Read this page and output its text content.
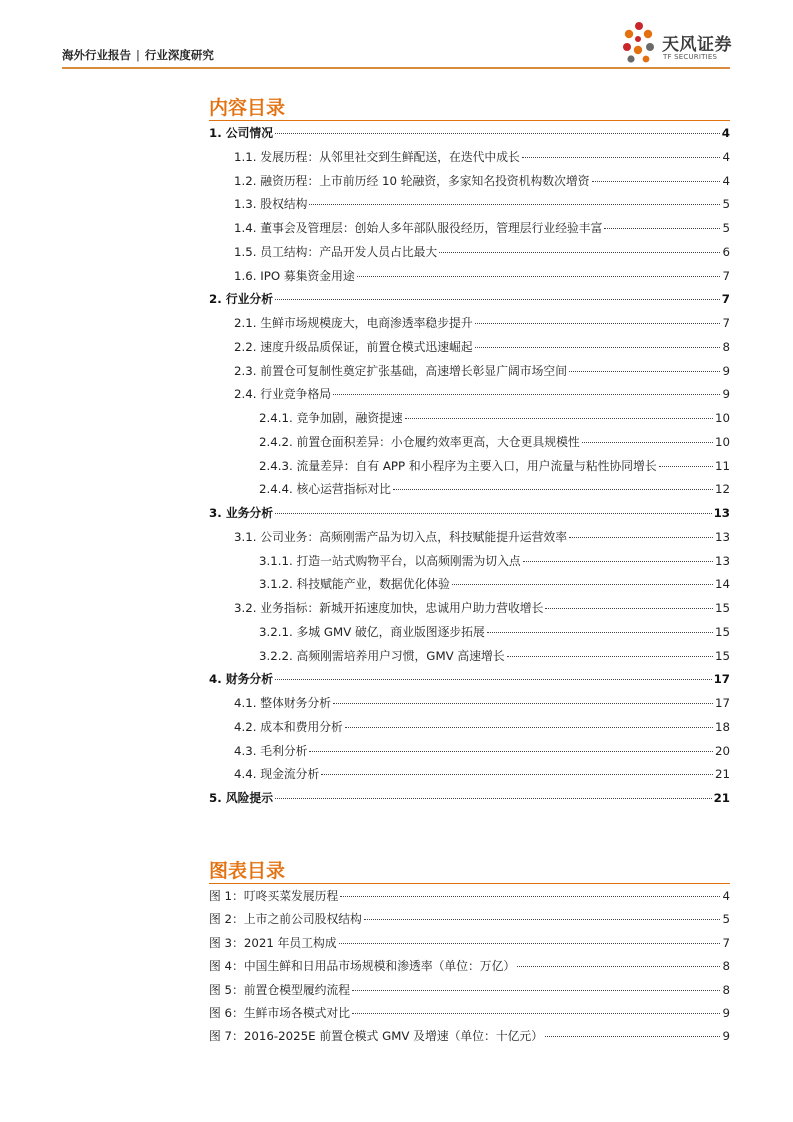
海外行业报告 | 行业深度研究	天风证券
TF SECURITIES
内容目录
1. 公司情况	4
1.1. 发展历程：从邻里社交到生鲜配送，在迭代中成长	4
1.2. 融资历程：上市前历经 10 轮融资，多家知名投资机构数次增资	4
1.3. 股权结构	5
1.4. 董事会及管理层：创始人多年部队服役经历，管理层行业经验丰富	5
1.5. 员工结构：产品开发人员占比最大	6
1.6. IPO 募集资金用途	7
2. 行业分析	7
2.1. 生鲜市场规模庞大，电商渗透率稳步提升	7
2.2. 速度升级品质保证，前置仓模式迅速崛起	8
2.3. 前置仓可复制性奠定扩张基础，高速增长彰显广阔市场空间	9
2.4. 行业竞争格局	9
2.4.1. 竞争加剧，融资提速	10
2.4.2. 前置仓面积差异：小仓履约效率更高，大仓更具规模性	10
2.4.3. 流量差异：自有 APP 和小程序为主要入口，用户流量与粘性协同增长	11
2.4.4. 核心运营指标对比	12
3. 业务分析	13
3.1. 公司业务：高频刚需产品为切入点，科技赋能提升运营效率	13
3.1.1. 打造一站式购物平台，以高频刚需为切入点	13
3.1.2. 科技赋能产业，数据优化体验	14
3.2. 业务指标：新城开拓速度加快，忠诚用户助力营收增长	15
3.2.1. 多城 GMV 破亿，商业版图逐步拓展	15
3.2.2. 高频刚需培养用户习惯，GMV 高速增长	15
4. 财务分析	17
4.1. 整体财务分析	17
4.2. 成本和费用分析	18
4.3. 毛利分析	20
4.4. 现金流分析	21
5. 风险提示	21
图表目录
图 1：叮咚买菜发展历程	4
图 2：上市之前公司股权结构	5
图 3：2021 年员工构成	7
图 4：中国生鲜和日用品市场规模和渗透率（单位：万亿）	8
图 5：前置仓模型履约流程	8
图 6：生鲜市场各模式对比	9
图 7：2016-2025E 前置仓模式 GMV 及增速（单位：十亿元）	9
